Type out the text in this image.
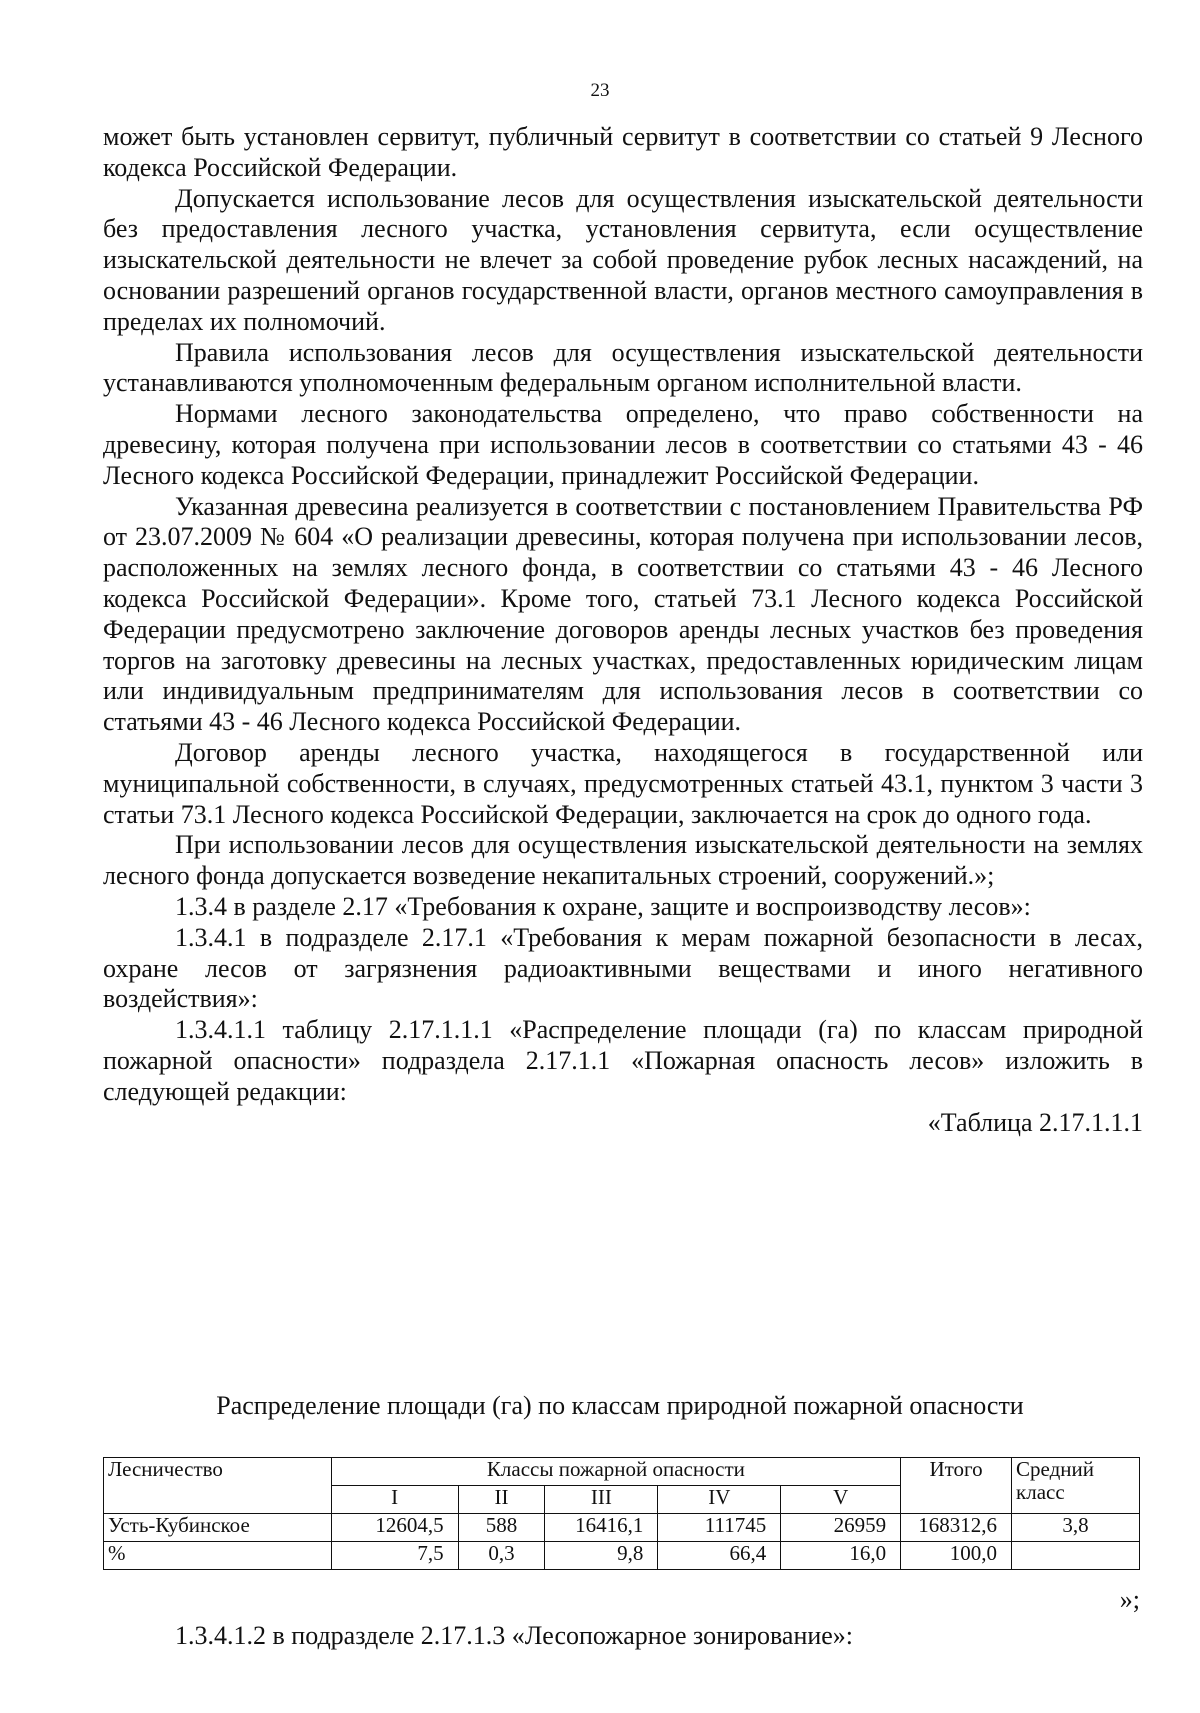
23

может быть установлен сервитут, публичный сервитут в соответствии со статьей 9 Лесного кодекса Российской Федерации.

Допускается использование лесов для осуществления изыскательской деятельности без предоставления лесного участка, установления сервитута, если осуществление изыскательской деятельности не влечет за собой проведение рубок лесных насаждений, на основании разрешений органов государственной власти, органов местного самоуправления в пределах их полномочий.

Правила использования лесов для осуществления изыскательской деятельности устанавливаются уполномоченным федеральным органом исполнительной власти.

Нормами лесного законодательства определено, что право собственности на древесину, которая получена при использовании лесов в соответствии со статьями 43 - 46 Лесного кодекса Российской Федерации, принадлежит Российской Федерации.

Указанная древесина реализуется в соответствии с постановлением Правительства РФ от 23.07.2009 № 604 «О реализации древесины, которая получена при использовании лесов, расположенных на землях лесного фонда, в соответствии со статьями 43 - 46 Лесного кодекса Российской Федерации». Кроме того, статьей 73.1 Лесного кодекса Российской Федерации предусмотрено заключение договоров аренды лесных участков без проведения торгов на заготовку древесины на лесных участках, предоставленных юридическим лицам или индивидуальным предпринимателям для использования лесов в соответствии со статьями 43 - 46 Лесного кодекса Российской Федерации.

Договор аренды лесного участка, находящегося в государственной или муниципальной собственности, в случаях, предусмотренных статьей 43.1, пунктом 3 части 3 статьи 73.1 Лесного кодекса Российской Федерации, заключается на срок до одного года.

При использовании лесов для осуществления изыскательской деятельности на землях лесного фонда допускается возведение некапитальных строений, сооружений.»;

1.3.4 в разделе 2.17 «Требования к охране, защите и воспроизводству лесов»:

1.3.4.1 в подразделе 2.17.1 «Требования к мерам пожарной безопасности в лесах, охране лесов от загрязнения радиоактивными веществами и иного негативного воздействия»:

1.3.4.1.1 таблицу 2.17.1.1.1 «Распределение площади (га) по классам природной пожарной опасности» подраздела 2.17.1.1 «Пожарная опасность лесов» изложить в следующей редакции:

«Таблица 2.17.1.1.1

Распределение площади (га) по классам природной пожарной опасности
Лесничество	Классы пожарной опасности					Итого	Средний класс
	I	II	III	IV	V		
Усть-Кубинское	12604,5	588	16416,1	111745	26959	168312,6	3,8
%	7,5	0,3	9,8	66,4	16,0	100,0	
»;
1.3.4.1.2 в подразделе 2.17.1.3 «Лесопожарное зонирование»:
